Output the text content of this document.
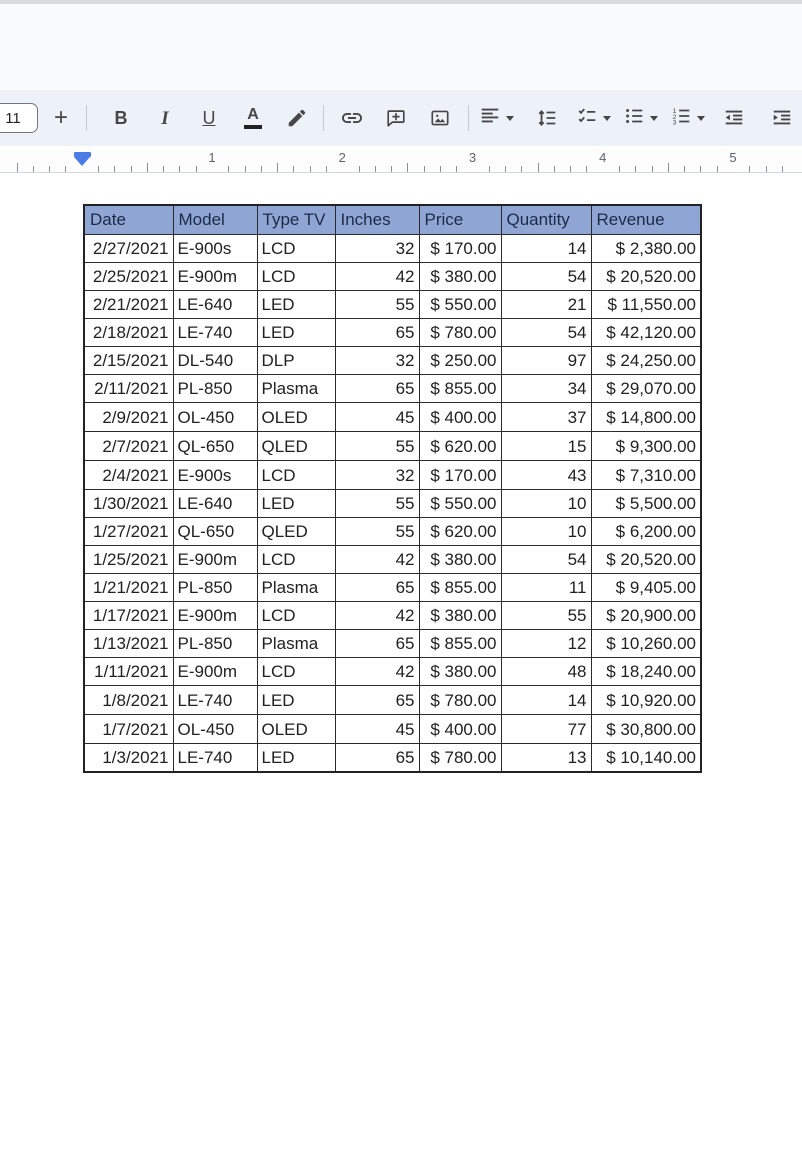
11	+	B I U A	1
2
3
1	2	3	4	5
Date	Model	Type TV	Inches	Price	Quantity	Revenue
2/27/2021	E-900s	LCD	32	$ 170.00	14	$ 2,380.00
2/25/2021	E-900m	LCD	42	$ 380.00	54	$ 20,520.00
2/21/2021	LE-640	LED	55	$ 550.00	21	$ 11,550.00
2/18/2021	LE-740	LED	65	$ 780.00	54	$ 42,120.00
2/15/2021	DL-540	DLP	32	$ 250.00	97	$ 24,250.00
2/11/2021	PL-850	Plasma	65	$ 855.00	34	$ 29,070.00
2/9/2021	OL-450	OLED	45	$ 400.00	37	$ 14,800.00
2/7/2021	QL-650	QLED	55	$ 620.00	15	$ 9,300.00
2/4/2021	E-900s	LCD	32	$ 170.00	43	$ 7,310.00
1/30/2021	LE-640	LED	55	$ 550.00	10	$ 5,500.00
1/27/2021	QL-650	QLED	55	$ 620.00	10	$ 6,200.00
1/25/2021	E-900m	LCD	42	$ 380.00	54	$ 20,520.00
1/21/2021	PL-850	Plasma	65	$ 855.00	11	$ 9,405.00
1/17/2021	E-900m	LCD	42	$ 380.00	55	$ 20,900.00
1/13/2021	PL-850	Plasma	65	$ 855.00	12	$ 10,260.00
1/11/2021	E-900m	LCD	42	$ 380.00	48	$ 18,240.00
1/8/2021	LE-740	LED	65	$ 780.00	14	$ 10,920.00
1/7/2021	OL-450	OLED	45	$ 400.00	77	$ 30,800.00
1/3/2021	LE-740	LED	65	$ 780.00	13	$ 10,140.00
